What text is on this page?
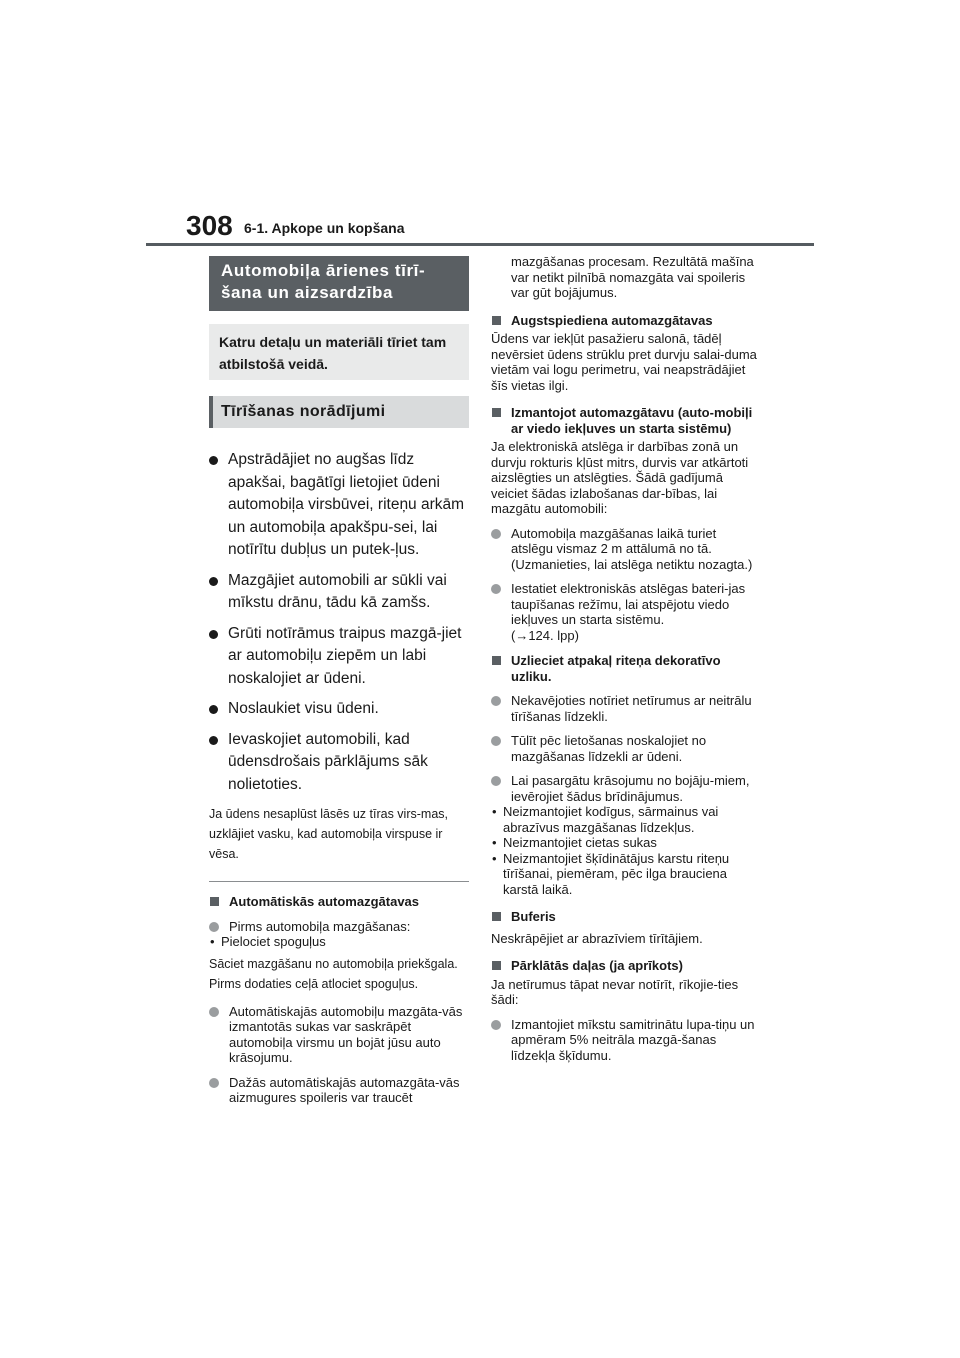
308 6-1. Apkope un kopšana
Automobiļa ārienes tīrī-
šana un aizsardzība
Katru detaļu un materiāli tīriet tam atbilstošā veidā.
Tīrīšanas norādījumi
Apstrādājiet no augšas līdz apakšai, bagātīgi lietojiet ūdeni automobiļa virsbūvei, riteņu arkām un automobiļa apakšpu-sei, lai notīrītu dubļus un putek-ļus.
Mazgājiet automobili ar sūkli vai mīkstu drānu, tādu kā zamšs.
Grūti notīrāmus traipus mazgā-jiet ar automobiļu ziepēm un labi noskalojiet ar ūdeni.
Noslaukiet visu ūdeni.
Ievaskojiet automobili, kad ūdensdrošais pārklājums sāk nolietoties.
Ja ūdens nesaplūst lāsēs uz tīras virs-mas, uzklājiet vasku, kad automobiļa virspuse ir vēsa.
Automātiskās automazgātavas
Pirms automobiļa mazgāšanas:
• Pielociet spoguļus
Sāciet mazgāšanu no automobiļa priekšgala. Pirms dodaties ceļā atlociet spoguļus.
Automātiskajās automobiļu mazgāta-vās izmantotās sukas var saskrāpēt automobiļa virsmu un bojāt jūsu auto krāsojumu.
Dažās automātiskajās automazgāta-vās aizmugures spoileris var traucēt
mazgāšanas procesam. Rezultātā mašīna var netikt pilnībā nomazgāta vai spoileris var gūt bojājumus.
Augstspiediena automazgātavas
Ūdens var iekļūt pasažieru salonā, tādēļ nevērsiet ūdens strūklu pret durvju salai-duma vietām vai logu perimetru, vai neapstrādājiet šīs vietas ilgi.
Izmantojot automazgātavu (auto-mobiļi ar viedo iekļuves un starta sistēmu)
Ja elektroniskā atslēga ir darbības zonā un durvju rokturis kļūst mitrs, durvis var atkārtoti aizslēgties un atslēgties. Šādā gadījumā veiciet šādas izlabošanas dar-bības, lai mazgātu automobili:
Automobiļa mazgāšanas laikā turiet atslēgu vismaz 2 m attālumā no tā. (Uzmanieties, lai atslēga netiktu nozagta.)
Iestatiet elektroniskās atslēgas bateri-jas taupīšanas režīmu, lai atspējotu viedo iekļuves un starta sistēmu.
(→124. lpp)
Uzlieciet atpakaļ riteņa dekoratīvo uzliku.
Nekavējoties notīriet netīrumus ar neitrālu tīrīšanas līdzekli.
Tūlīt pēc lietošanas noskalojiet no mazgāšanas līdzekli ar ūdeni.
Lai pasargātu krāsojumu no bojāju-miem, ievērojiet šādus brīdinājumus.
• Neizmantojiet kodīgus, sārmainus vai abrazīvus mazgāšanas līdzekļus.
• Neizmantojiet cietas sukas
• Neizmantojiet šķīdinātājus karstu riteņu tīrīšanai, piemēram, pēc ilga brauciena karstā laikā.
Buferis
Neskrāpējiet ar abrazīviem tīrītājiem.
Pārklātās daļas (ja aprīkots)
Ja netīrumus tāpat nevar notīrīt, rīkojie-ties šādi:
Izmantojiet mīkstu samitrinātu lupa-tiņu un apmēram 5% neitrāla mazgā-šanas līdzekļa šķīdumu.
